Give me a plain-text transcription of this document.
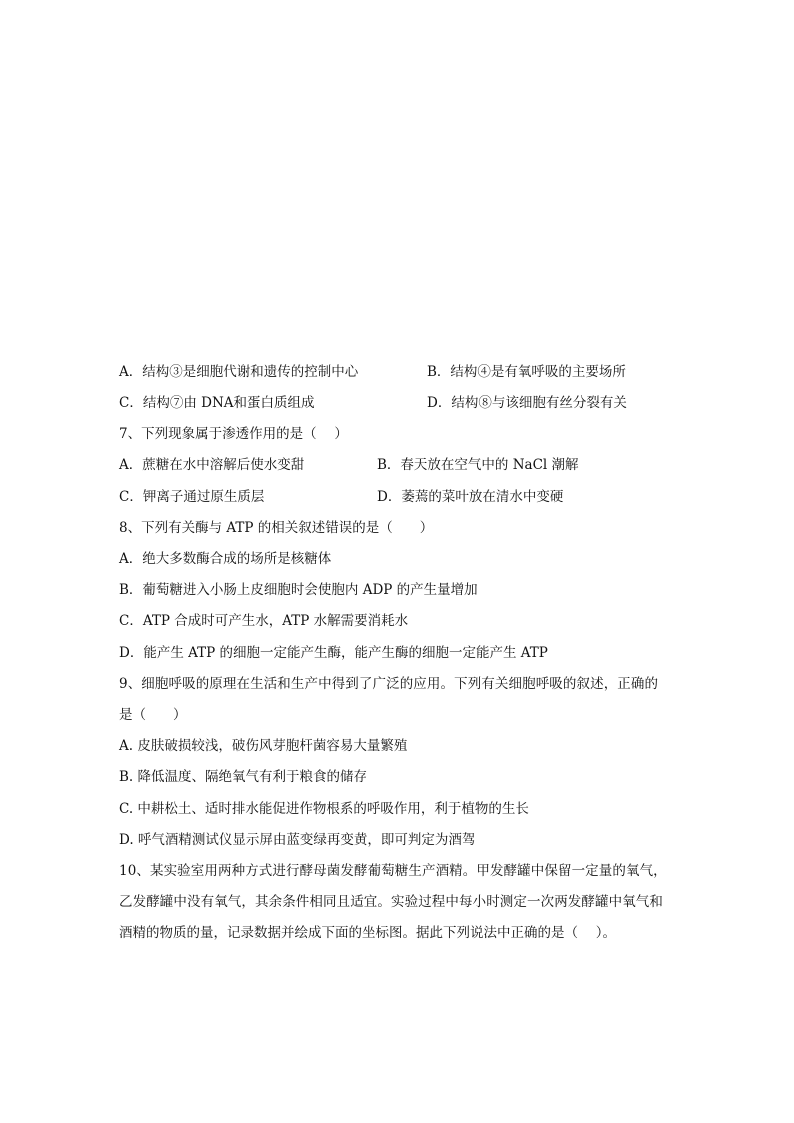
A．结构③是细胞代谢和遗传的控制中心	B．结构④是有氧呼吸的主要场所
C．结构⑦由 DNA和蛋白质组成	D．结构⑧与该细胞有丝分裂有关
7、下列现象属于渗透作用的是（　 ）
A．蔗糖在水中溶解后使水变甜	B．春天放在空气中的 NaCl 潮解
C．钾离子通过原生质层	D．萎蔫的菜叶放在清水中变硬
8、下列有关酶与 ATP 的相关叙述错误的是（　　）
A．绝大多数酶合成的场所是核糖体
B．葡萄糖进入小肠上皮细胞时会使胞内 ADP 的产生量增加
C．ATP 合成时可产生水，ATP 水解需要消耗水
D．能产生 ATP 的细胞一定能产生酶，能产生酶的细胞一定能产生 ATP
9、细胞呼吸的原理在生活和生产中得到了广泛的应用。下列有关细胞呼吸的叙述，正确的
是（　　）
A. 皮肤破损较浅，破伤风芽胞杆菌容易大量繁殖
B. 降低温度、隔绝氧气有利于粮食的储存
C. 中耕松土、适时排水能促进作物根系的呼吸作用，利于植物的生长
D. 呼气酒精测试仪显示屏由蓝变绿再变黄，即可判定为酒驾
10、某实验室用两种方式进行酵母菌发酵葡萄糖生产酒精。甲发酵罐中保留一定量的氧气，
乙发酵罐中没有氧气，其余条件相同且适宜。实验过程中每小时测定一次两发酵罐中氧气和
酒精的物质的量，记录数据并绘成下面的坐标图。据此下列说法中正确的是（　 ）。
